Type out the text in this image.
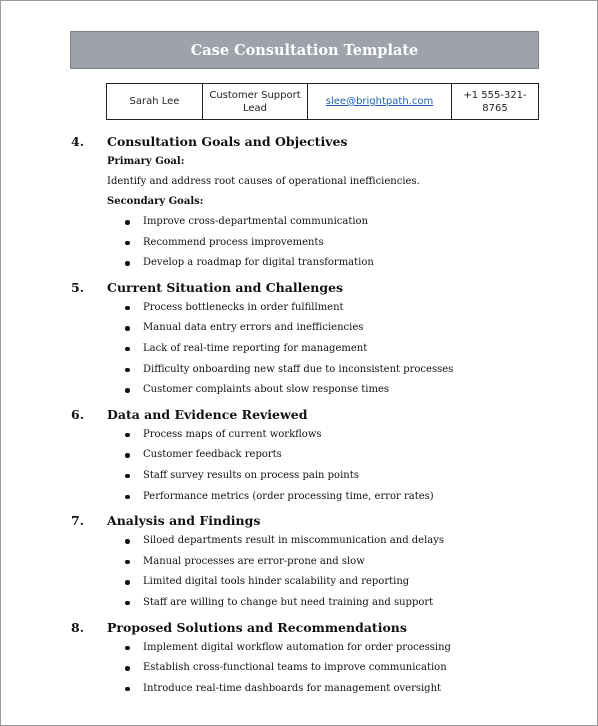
Case Consultation Template
Sarah Lee	Customer Support Lead	slee@brightpath.com	+1 555-321-8765
4. Consultation Goals and Objectives
Primary Goal:
Identify and address root causes of operational inefficiencies.
Secondary Goals:
Improve cross-departmental communication
Recommend process improvements
Develop a roadmap for digital transformation
5. Current Situation and Challenges
Process bottlenecks in order fulfillment
Manual data entry errors and inefficiencies
Lack of real-time reporting for management
Difficulty onboarding new staff due to inconsistent processes
Customer complaints about slow response times
6. Data and Evidence Reviewed
Process maps of current workflows
Customer feedback reports
Staff survey results on process pain points
Performance metrics (order processing time, error rates)
7. Analysis and Findings
Siloed departments result in miscommunication and delays
Manual processes are error-prone and slow
Limited digital tools hinder scalability and reporting
Staff are willing to change but need training and support
8. Proposed Solutions and Recommendations
Implement digital workflow automation for order processing
Establish cross-functional teams to improve communication
Introduce real-time dashboards for management oversight
